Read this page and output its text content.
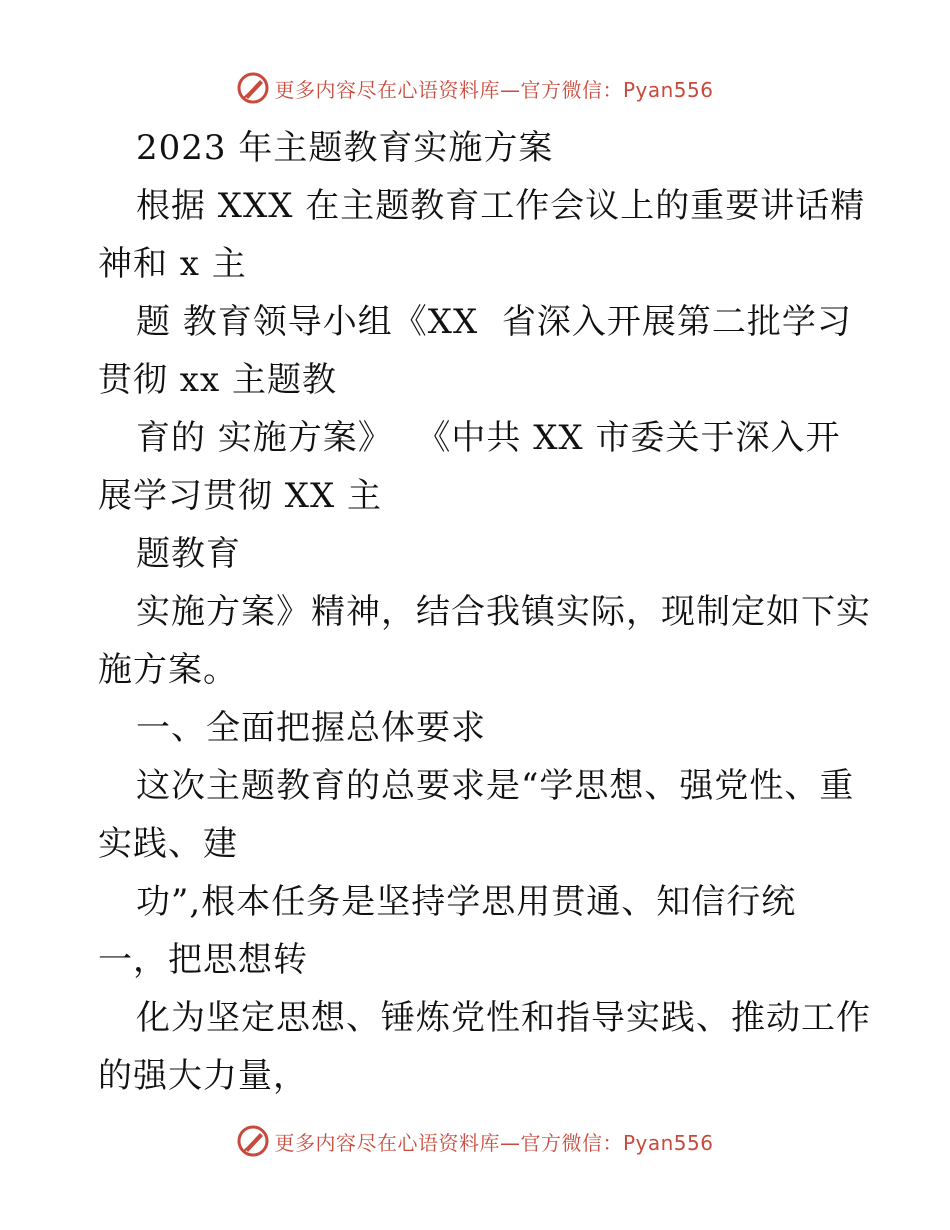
更多内容尽在心语资料库—官方微信：Pyan556
2023 年主题教育实施方案
根据 XXX 在主题教育工作会议上的重要讲话精
神和 x 主
题 教育领导小组《XX  省深入开展第二批学习
贯彻 xx 主题教
育的 实施方案》  《中共 XX 市委关于深入开
展学习贯彻 XX 主
题教育
实施方案》精神，结合我镇实际，现制定如下实
施方案。
一、全面把握总体要求
这次主题教育的总要求是“学思想、强党性、重
实践、建
功”,根本任务是坚持学思用贯通、知信行统
一，把思想转
化为坚定思想、锤炼党性和指导实践、推动工作
的强大力量，
更多内容尽在心语资料库—官方微信：Pyan556
